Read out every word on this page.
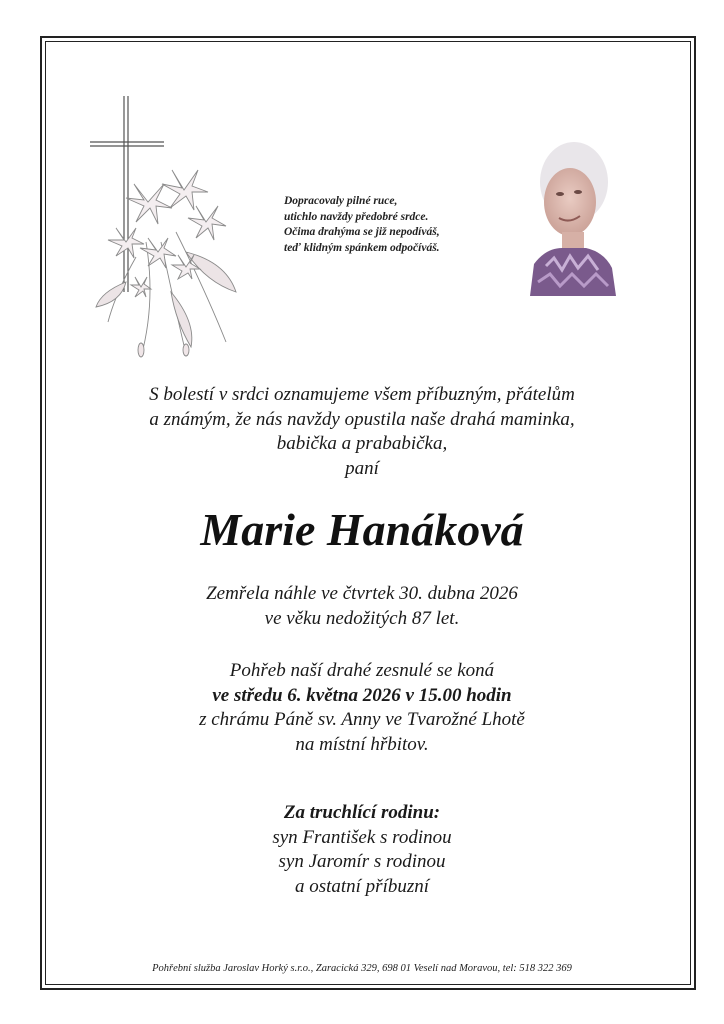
Dopracovaly pilné ruce,
utichlo navždy předobré srdce.
Očima drahýma se již nepodíváš,
teď klidným spánkem odpočíváš.
S bolestí v srdci oznamujeme všem příbuzným, přátelům
a známým, že nás navždy opustila naše drahá maminka,
babička a prababička,
paní
Marie Hanáková
Zemřela náhle ve čtvrtek 30. dubna 2026
ve věku nedožitých 87 let.
Pohřeb naší drahé zesnulé se koná
ve středu 6. května 2026 v 15.00 hodin
z chrámu Páně sv. Anny ve Tvarožné Lhotě
na místní hřbitov.
Za truchlící rodinu:
syn František s rodinou
syn Jaromír s rodinou
a ostatní příbuzní
Pohřební služba Jaroslav Horký s.r.o., Zaracická 329, 698 01 Veselí nad Moravou, tel: 518 322 369
